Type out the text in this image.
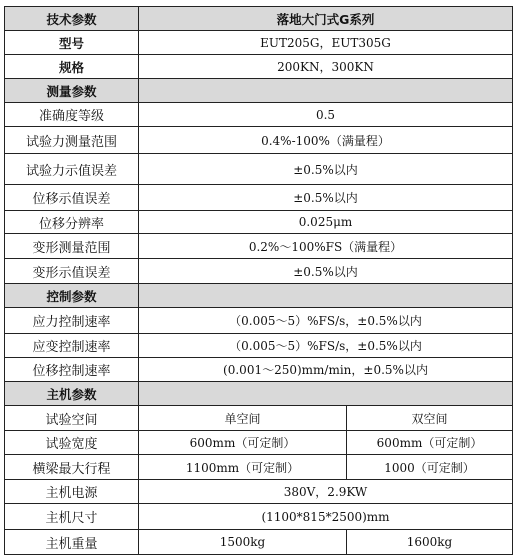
技术参数	落地大门式G系列	
型号	EUT205G，EUT305G	
规格	200KN，300KN	
测量参数		
准确度等级	0.5	
试验力测量范围	0.4%-100%（满量程）	
试验力示值误差	±0.5%以内	
位移示值误差	±0.5%以内	
位移分辨率	0.025μm	
变形测量范围	0.2%～100%FS（满量程）	
变形示值误差	±0.5%以内	
控制参数		
应力控制速率	（0.005～5）%FS/s，±0.5%以内	
应变控制速率	（0.005～5）%FS/s，±0.5%以内	
位移控制速率	(0.001～250)mm/min，±0.5%以内	
主机参数		
试验空间	单空间	双空间
试验宽度	600mm（可定制）	600mm（可定制）
横梁最大行程	1100mm（可定制）	1000（可定制）
主机电源	380V，2.9KW	
主机尺寸	(1100*815*2500)mm	
主机重量	1500kg	1600kg
